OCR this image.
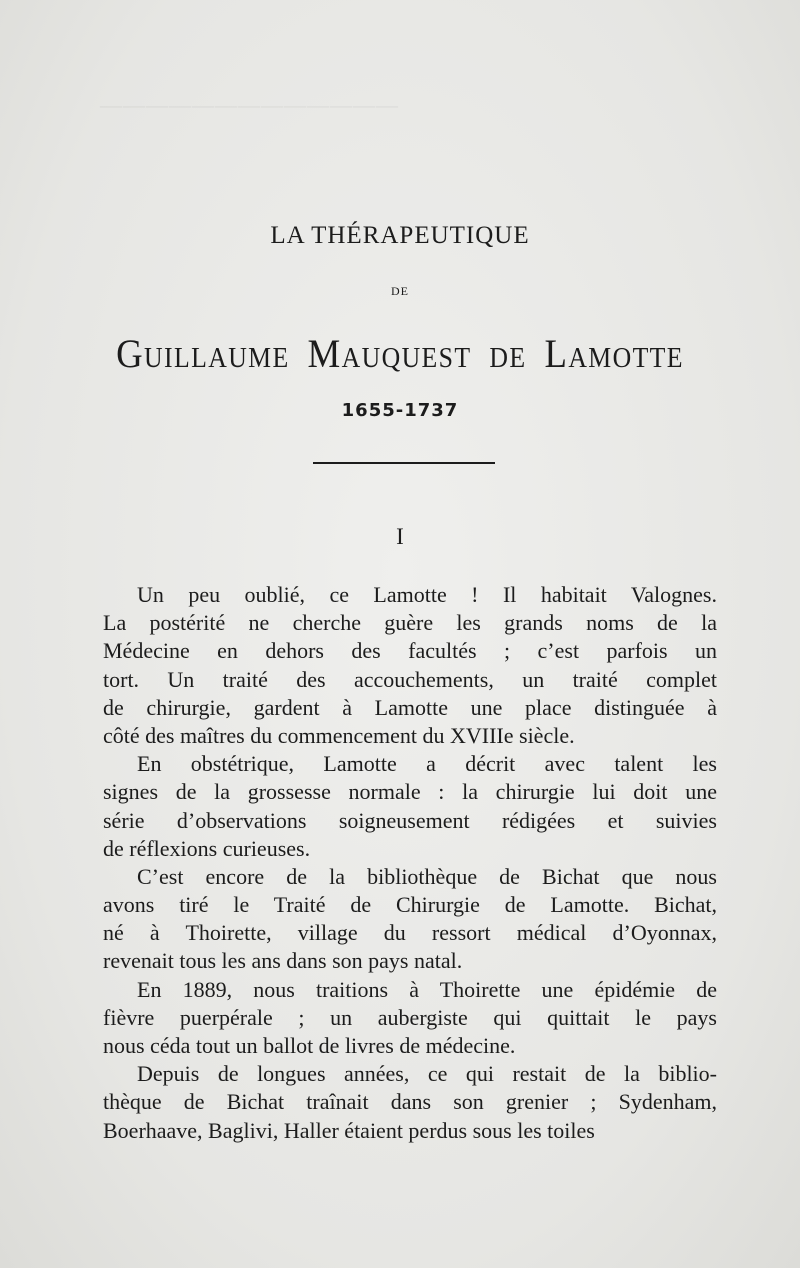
—————————————
LA THÉRAPEUTIQUE
DE
Guillaume Mauquest de Lamotte
1655-1737
I
Un peu oublié, ce Lamotte ! Il habitait Valognes.
La postérité ne cherche guère les grands noms de la
Médecine en dehors des facultés ; c’est parfois un
tort. Un traité des accouchements, un traité complet
de chirurgie, gardent à Lamotte une place distinguée à
côté des maîtres du commencement du XVIIIe siècle.
En obstétrique, Lamotte a décrit avec talent les
signes de la grossesse normale : la chirurgie lui doit une
série d’observations soigneusement rédigées et suivies
de réflexions curieuses.
C’est encore de la bibliothèque de Bichat que nous
avons tiré le Traité de Chirurgie de Lamotte. Bichat,
né à Thoirette, village du ressort médical d’Oyonnax,
revenait tous les ans dans son pays natal.
En 1889, nous traitions à Thoirette une épidémie de
fièvre puerpérale ; un aubergiste qui quittait le pays
nous céda tout un ballot de livres de médecine.
Depuis de longues années, ce qui restait de la biblio-
thèque de Bichat traînait dans son grenier ; Sydenham,
Boerhaave, Baglivi, Haller étaient perdus sous les toiles
